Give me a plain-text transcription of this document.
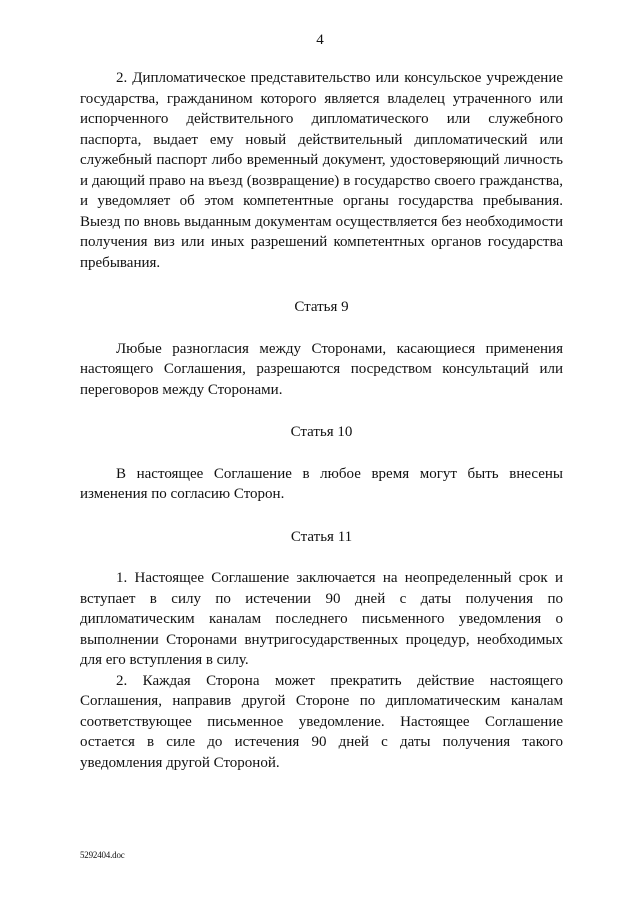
4

2. Дипломатическое представительство или консульское учреждение государства, гражданином которого является владелец утраченного или испорченного действительного дипломатического или служебного паспорта, выдает ему новый действительный дипломатический или служебный паспорт либо временный документ, удостоверяющий личность и дающий право на въезд (возвращение) в государство своего гражданства, и уведомляет об этом компетентные органы государства пребывания. Выезд по вновь выданным документам осуществляется без необходимости получения виз или иных разрешений компетентных органов государства пребывания.

Статья 9

Любые разногласия между Сторонами, касающиеся применения настоящего Соглашения, разрешаются посредством консультаций или переговоров между Сторонами.

Статья 10

В настоящее Соглашение в любое время могут быть внесены изменения по согласию Сторон.

Статья 11

1. Настоящее Соглашение заключается на неопределенный срок и вступает в силу по истечении 90 дней с даты получения по дипломатическим каналам последнего письменного уведомления о выполнении Сторонами внутригосударственных процедур, необходимых для его вступления в силу.

2. Каждая Сторона может прекратить действие настоящего Соглашения, направив другой Стороне по дипломатическим каналам соответствующее письменное уведомление. Настоящее Соглашение остается в силе до истечения 90 дней с даты получения такого уведомления другой Стороной.

5292404.doc
